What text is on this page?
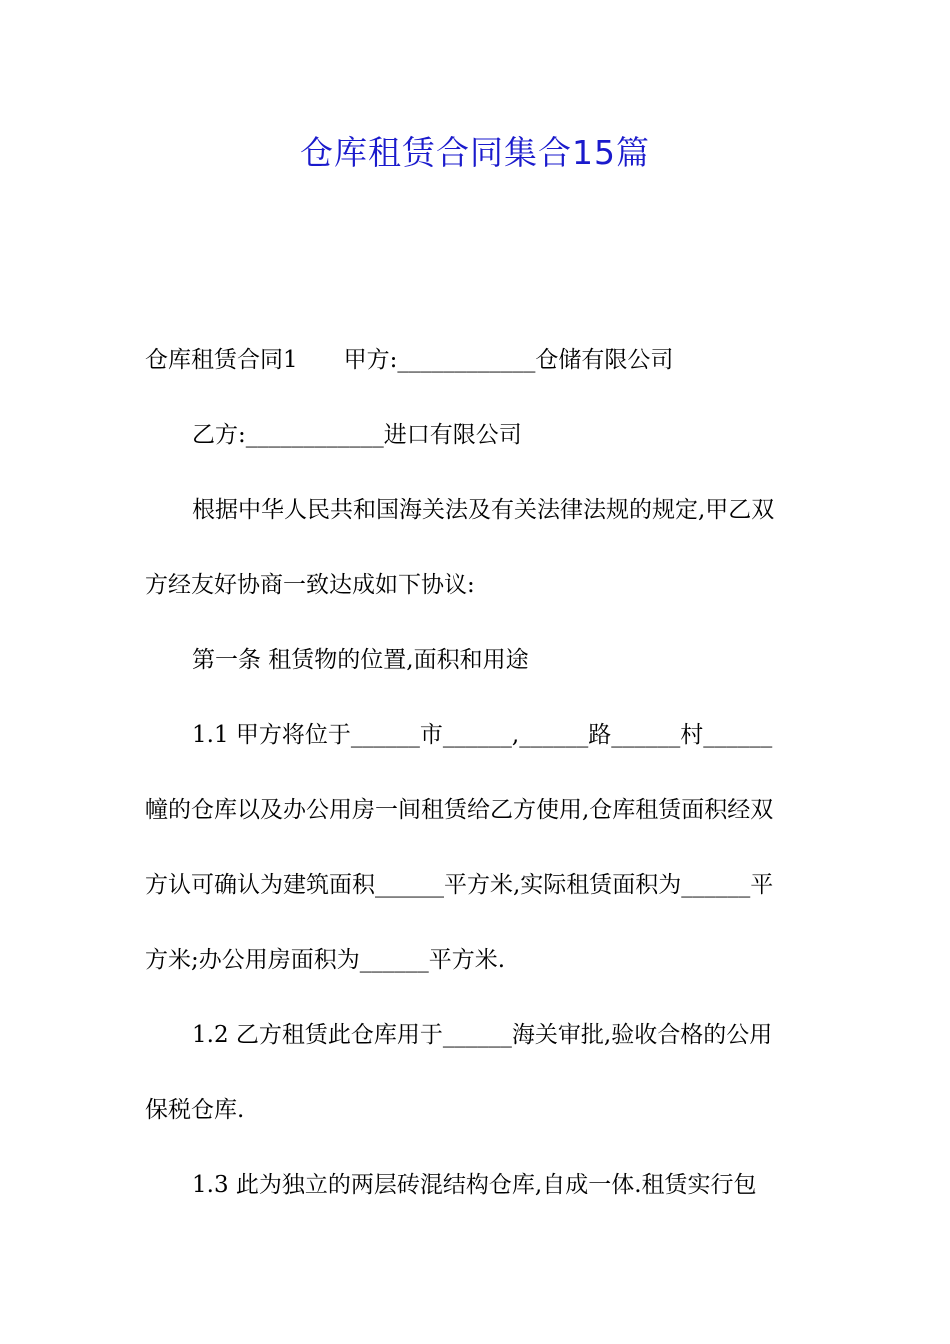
仓库租赁合同集合15篇
仓库租赁合同1　　甲方:____________仓储有限公司
乙方:____________进口有限公司
根据中华人民共和国海关法及有关法律法规的规定,甲乙双
方经友好协商一致达成如下协议:
第一条 租赁物的位置,面积和用途
1.1 甲方将位于______市______,______路______村______
幢的仓库以及办公用房一间租赁给乙方使用,仓库租赁面积经双
方认可确认为建筑面积______平方米,实际租赁面积为______平
方米;办公用房面积为______平方米.
1.2 乙方租赁此仓库用于______海关审批,验收合格的公用
保税仓库.
1.3 此为独立的两层砖混结构仓库,自成一体.租赁实行包
